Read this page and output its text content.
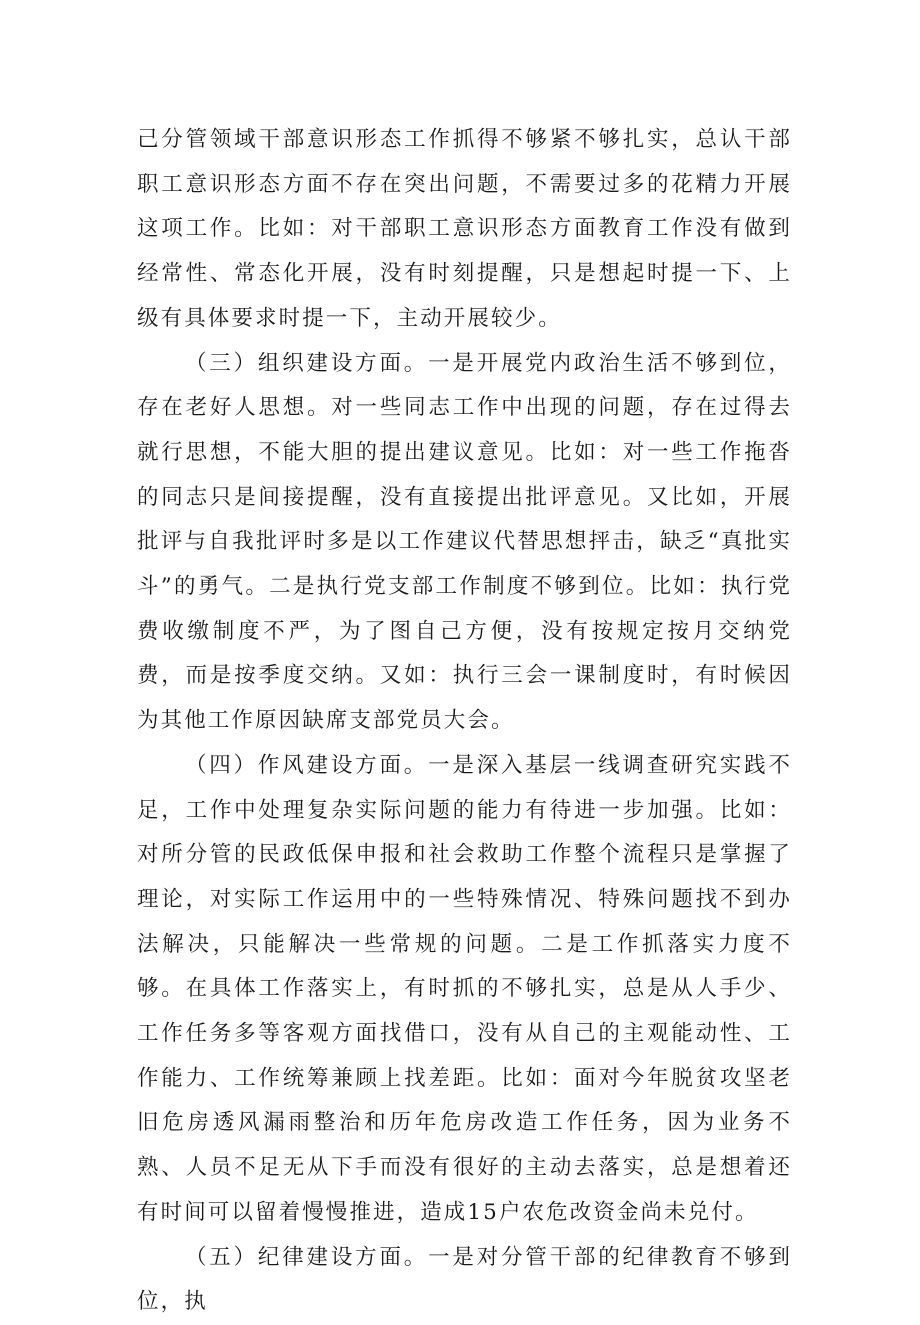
己分管领域干部意识形态工作抓得不够紧不够扎实，总认干部职工意识形态方面不存在突出问题，不需要过多的花精力开展这项工作。比如：对干部职工意识形态方面教育工作没有做到经常性、常态化开展，没有时刻提醒，只是想起时提一下、上级有具体要求时提一下，主动开展较少。

（三）组织建设方面。一是开展党内政治生活不够到位，存在老好人思想。对一些同志工作中出现的问题，存在过得去就行思想，不能大胆的提出建议意见。比如：对一些工作拖沓的同志只是间接提醒，没有直接提出批评意见。又比如，开展批评与自我批评时多是以工作建议代替思想抨击，缺乏“真批实斗”的勇气。二是执行党支部工作制度不够到位。比如：执行党费收缴制度不严，为了图自己方便，没有按规定按月交纳党费，而是按季度交纳。又如：执行三会一课制度时，有时候因为其他工作原因缺席支部党员大会。

（四）作风建设方面。一是深入基层一线调查研究实践不足，工作中处理复杂实际问题的能力有待进一步加强。比如：对所分管的民政低保申报和社会救助工作整个流程只是掌握了理论，对实际工作运用中的一些特殊情况、特殊问题找不到办法解决，只能解决一些常规的问题。二是工作抓落实力度不够。在具体工作落实上，有时抓的不够扎实，总是从人手少、工作任务多等客观方面找借口，没有从自己的主观能动性、工作能力、工作统筹兼顾上找差距。比如：面对今年脱贫攻坚老旧危房透风漏雨整治和历年危房改造工作任务，因为业务不熟、人员不足无从下手而没有很好的主动去落实，总是想着还有时间可以留着慢慢推进，造成15户农危改资金尚未兑付。

（五）纪律建设方面。一是对分管干部的纪律教育不够到位，执
